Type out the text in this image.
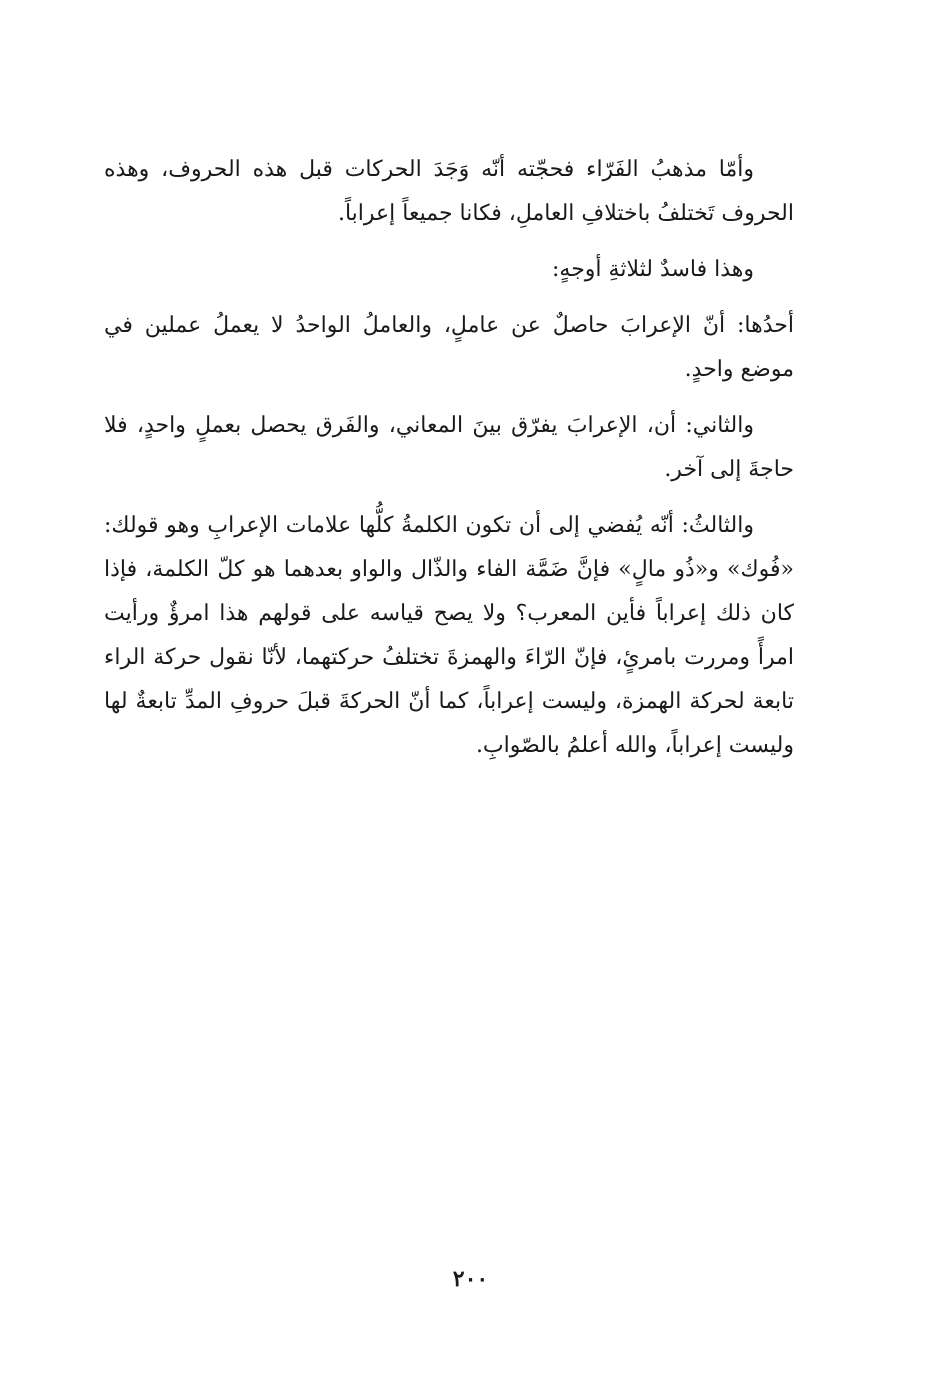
وأمّا مذهبُ الفَرّاء فحجّته أنّه وَجَدَ الحركات قبل هذه الحروف، وهذه الحروف تَختلفُ باختلافِ العاملِ، فكانا جميعاً إعراباً.

وهذا فاسدٌ لثلاثةِ أوجهٍ:

أحدُها: أنّ الإعرابَ حاصلٌ عن عاملٍ، والعاملُ الواحدُ لا يعملُ عملين في موضع واحدٍ.

والثاني: أن، الإعرابَ يفرّق بينَ المعاني، والفَرق يحصل بعملٍ واحدٍ، فلا حاجةَ إلى آخر.

والثالثُ: أنّه يُفضي إلى أن تكون الكلمةُ كلُّها علامات الإعرابِ وهو قولك: «فُوك» و«ذُو مالٍ» فإنَّ ضَمَّة الفاء والذّال والواو بعدهما هو كلّ الكلمة، فإذا كان ذلك إعراباً فأين المعرب؟ ولا يصح قياسه على قولهم هذا امرؤٌ ورأيت امرأً ومررت بامرئٍ، فإنّ الرّاءَ والهمزةَ تختلفُ حركتهما، لأنّا نقول حركة الراء تابعة لحركة الهمزة، وليست إعراباً، كما أنّ الحركةَ قبلَ حروفِ المدِّ تابعةٌ لها وليست إعراباً، والله أعلمُ بالصّوابِ.

٢٠٠
